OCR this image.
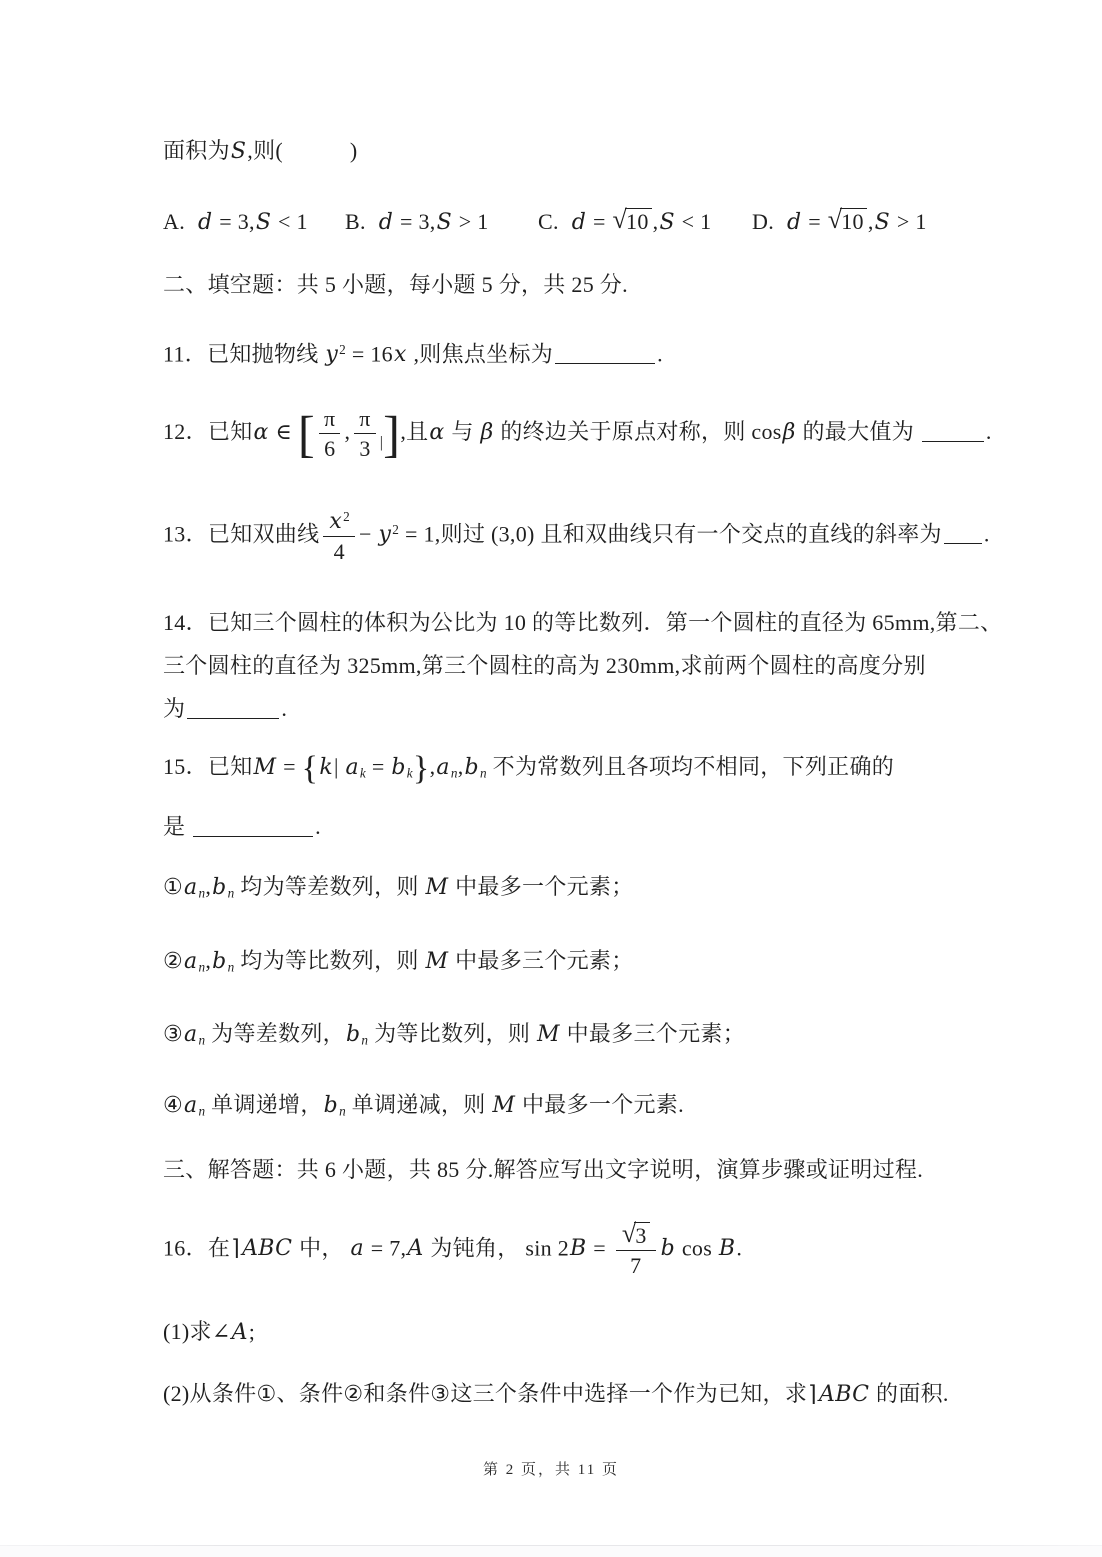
面积为S,则(　　　)
A. d = 3,S < 1 B. d = 3,S > 1 C. d = √10 ,S < 1 D. d = √10 ,S > 1
二、填空题：共 5 小题，每小题 5 分，共 25 分.
11．已知抛物线 $y^2 = 16x$ ,则焦点坐标为	.
12．已知α ∈ [ $\frac{\pi}{6}$ , $\frac{\pi}{3} _|$],且α 与 β 的终边关于原点对称，则 cosβ 的最大值为	.
13．已知双曲线 $\frac{x^2}{4} - y^2 = 1$,则过 (3,0) 且和双曲线只有一个交点的直线的斜率为 .
14．已知三个圆柱的体积为公比为 10 的等比数列．第一个圆柱的直径为 65mm,第二、
三个圆柱的直径为 325mm,第三个圆柱的高为 230mm,求前两个圆柱的高度分别
为	.
15．已知M = {k| ak = bk},an,bn 不为常数列且各项均不相同，下列正确的
是	.
①an,bn 均为等差数列，则 M 中最多一个元素；
②an,bn 均为等比数列，则 M 中最多三个元素；
③an 为等差数列，bn 为等比数列，则 M 中最多三个元素；
④an 单调递增，bn 单调递减，则 M 中最多一个元素.
三、解答题：共 6 小题，共 85 分.解答应写出文字说明，演算步骤或证明过程.
16．在⌉ABC 中， a = 7,A 为钝角， $\sin 2B = \frac{√3}{7}$ b cos B.
(1)求∠A;
(2)从条件①、条件②和条件③这三个条件中选择一个作为已知，求⌉ABC 的面积.
第 2 页，共 11 页
